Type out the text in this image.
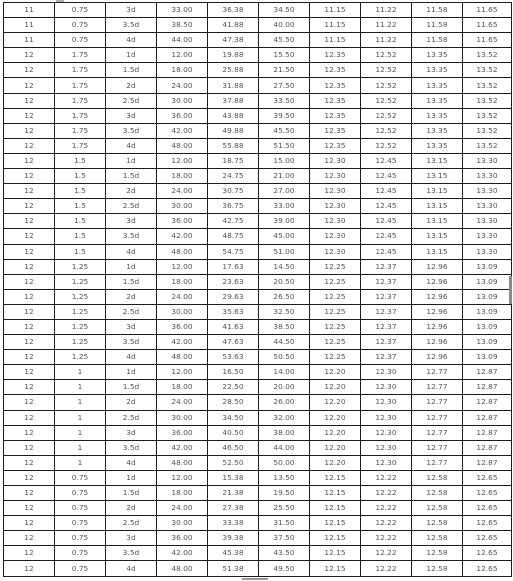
11	0.75	3d	33.00	36.38	34.50	11.15	11.22	11.58	11.65
11	0.75	3.5d	38.50	41.88	40.00	11.15	11.22	11.58	11.65
11	0.75	4d	44.00	47.38	45.50	11.15	11.22	11.58	11.65
12	1.75	1d	12.00	19.88	15.50	12.35	12.52	13.35	13.52
12	1.75	1.5d	18.00	25.88	21.50	12.35	12.52	13.35	13.52
12	1.75	2d	24.00	31.88	27.50	12.35	12.52	13.35	13.52
12	1.75	2.5d	30.00	37.88	33.50	12.35	12.52	13.35	13.52
12	1.75	3d	36.00	43.88	39.50	12.35	12.52	13.35	13.52
12	1.75	3.5d	42.00	49.88	45.50	12.35	12.52	13.35	13.52
12	1.75	4d	48.00	55.88	51.50	12.35	12.52	13.35	13.52
12	1.5	1d	12.00	18.75	15.00	12.30	12.45	13.15	13.30
12	1.5	1.5d	18.00	24.75	21.00	12.30	12.45	13.15	13.30
12	1.5	2d	24.00	30.75	27.00	12.30	12.45	13.15	13.30
12	1.5	2.5d	30.00	36.75	33.00	12.30	12.45	13.15	13.30
12	1.5	3d	36.00	42.75	39.00	12.30	12.45	13.15	13.30
12	1.5	3.5d	42.00	48.75	45.00	12.30	12.45	13.15	13.30
12	1.5	4d	48.00	54.75	51.00	12.30	12.45	13.15	13.30
12	1.25	1d	12.00	17.63	14.50	12.25	12.37	12.96	13.09
12	1.25	1.5d	18.00	23.63	20.50	12.25	12.37	12.96	13.09
12	1.25	2d	24.00	29.63	26.50	12.25	12.37	12.96	13.09
12	1.25	2.5d	30.00	35.63	32.50	12.25	12.37	12.96	13.09
12	1.25	3d	36.00	41.63	38.50	12.25	12.37	12.96	13.09
12	1.25	3.5d	42.00	47.63	44.50	12.25	12.37	12.96	13.09
12	1.25	4d	48.00	53.63	50.50	12.25	12.37	12.96	13.09
12	1	1d	12.00	16.50	14.00	12.20	12.30	12.77	12.87
12	1	1.5d	18.00	22.50	20.00	12.20	12.30	12.77	12.87
12	1	2d	24.00	28.50	26.00	12.20	12.30	12.77	12.87
12	1	2.5d	30.00	34.50	32.00	12.20	12.30	12.77	12.87
12	1	3d	36.00	40.50	38.00	12.20	12.30	12.77	12.87
12	1	3.5d	42.00	46.50	44.00	12.20	12.30	12.77	12.87
12	1	4d	48.00	52.50	50.00	12.20	12.30	12.77	12.87
12	0.75	1d	12.00	15.38	13.50	12.15	12.22	12.58	12.65
12	0.75	1.5d	18.00	21.38	19.50	12.15	12.22	12.58	12.65
12	0.75	2d	24.00	27.38	25.50	12.15	12.22	12.58	12.65
12	0.75	2.5d	30.00	33.38	31.50	12.15	12.22	12.58	12.65
12	0.75	3d	36.00	39.38	37.50	12.15	12.22	12.58	12.65
12	0.75	3.5d	42.00	45.38	43.50	12.15	12.22	12.58	12.65
12	0.75	4d	48.00	51.38	49.50	12.15	12.22	12.58	12.65
